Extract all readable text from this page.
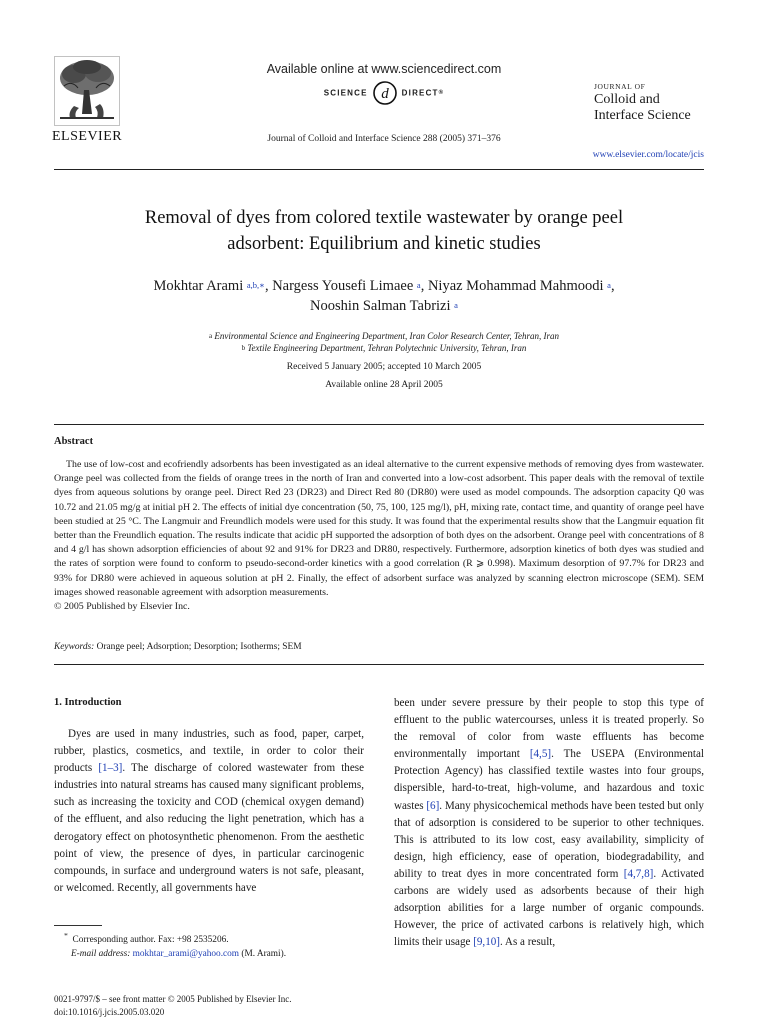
Available online at www.sciencedirect.com
SCIENCE d DIRECT®
Journal of Colloid and Interface Science 288 (2005) 371–376
ELSEVIER
JOURNAL OF
Colloid and
Interface Science
www.elsevier.com/locate/jcis
Removal of dyes from colored textile wastewater by orange peel
adsorbent: Equilibrium and kinetic studies
Mokhtar Arami $^{a,b,∗}$, Nargess Yousefi Limaee $^a$, Niyaz Mohammad Mahmoodi $^a$,
Nooshin Salman Tabrizi $^a$
$^a$ Environmental Science and Engineering Department, Iran Color Research Center, Tehran, Iran
$^b$ Textile Engineering Department, Tehran Polytechnic University, Tehran, Iran
Received 5 January 2005; accepted 10 March 2005
Available online 28 April 2005
Abstract

The use of low-cost and ecofriendly adsorbents has been investigated as an ideal alternative to the current expensive methods of removing dyes from wastewater. Orange peel was collected from the fields of orange trees in the north of Iran and converted into a low-cost adsorbent. This paper deals with the removal of textile dyes from aqueous solutions by orange peel. Direct Red 23 (DR23) and Direct Red 80 (DR80) were used as model compounds. The adsorption capacity Q0 was 10.72 and 21.05 mg/g at initial pH 2. The effects of initial dye concentration (50, 75, 100, 125 mg/l), pH, mixing rate, contact time, and quantity of orange peel have been studied at 25 °C. The Langmuir and Freundlich models were used for this study. It was found that the experimental results show that the Langmuir equation fit better than the Freundlich equation. The results indicate that acidic pH supported the adsorption of both dyes on the adsorbent. Orange peel with concentrations of 8 and 4 g/l has shown adsorption efficiencies of about 92 and 91% for DR23 and DR80, respectively. Furthermore, adsorption kinetics of both dyes was studied and the rates of sorption were found to conform to pseudo-second-order kinetics with a good correlation (R ⩾ 0.998). Maximum desorption of 97.7% for DR23 and 93% for DR80 were achieved in aqueous solution at pH 2. Finally, the effect of adsorbent surface was analyzed by scanning electron microscope (SEM). SEM images showed reasonable agreement with adsorption measurements.

© 2005 Published by Elsevier Inc.
Keywords: Orange peel; Adsorption; Desorption; Isotherms; SEM
1. Introduction

Dyes are used in many industries, such as food, paper, carpet, rubber, plastics, cosmetics, and textile, in order to color their products [1–3]. The discharge of colored wastewater from these industries into natural streams has caused many significant problems, such as increasing the toxicity and COD (chemical oxygen demand) of the effluent, and also reducing the light penetration, which has a derogatory effect on photosynthetic phenomenon. From the aesthetic point of view, the presence of dyes, in particular carcinogenic compounds, in surface and underground waters is not safe, pleasant, or welcomed. Recently, all governments have

been under severe pressure by their people to stop this type of effluent to the public watercourses, unless it is treated properly. So the removal of color from waste effluents has become environmentally important [4,5]. The USEPA (Environmental Protection Agency) has classified textile wastes into four groups, dispersible, hard-to-treat, high-volume, and hazardous and toxic wastes [6]. Many physicochemical methods have been tested but only that of adsorption is considered to be superior to other techniques. This is attributed to its low cost, easy availability, simplicity of design, high efficiency, ease of operation, biodegradability, and ability to treat dyes in more concentrated form [4,7,8]. Activated carbons are widely used as adsorbents because of their high adsorption abilities for a large number of organic compounds. However, the price of activated carbons is relatively high, which limits their usage [9,10]. As a result,

* Corresponding author. Fax: +98 2535206.
E-mail address: mokhtar_arami@yahoo.com (M. Arami).
0021-9797/$ – see front matter © 2005 Published by Elsevier Inc.
doi:10.1016/j.jcis.2005.03.020
